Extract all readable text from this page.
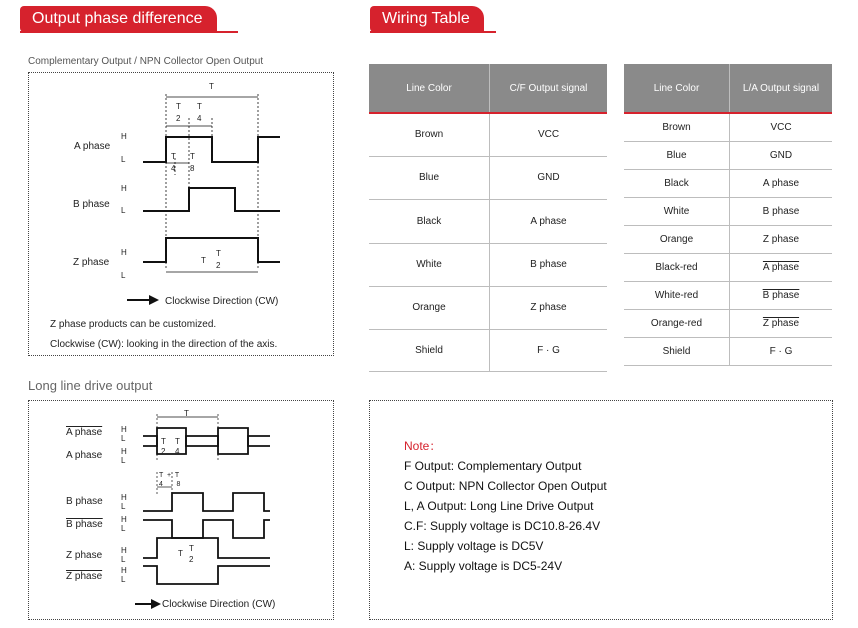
Output phase difference	Wiring Table
Complementary Output / NPN Collector Open Output
A phase
B phase
Z phase
H
L
H
L
H
L
T
T
2
T
4
T
4
T
8
T
T
2
Clockwise Direction (CW)
Z phase products can be customized.
Clockwise (CW): looking in the direction of the axis.
Long line drive output
A phase
A phase
B phase
B phase
Z phase
Z phase
T
T
2
T
4
T  +  T
4       8
T
T
2
H
L
H
L
H
L
H
L
H
L
H
L
Clockwise Direction (CW)
Line Color	C/F Output signal
Brown	VCC
Blue	GND
Black	A phase
White	B phase
Orange	Z phase
Shield	F · G
Line Color	L/A Output signal
Brown	VCC
Blue	GND
Black	A phase
White	B phase
Orange	Z phase
Black-red	A phase
White-red	B phase
Orange-red	Z phase
Shield	F · G
Note：
F Output: Complementary Output
C Output: NPN Collector Open Output
L, A Output: Long Line Drive Output
C.F: Supply voltage is DC10.8-26.4V
L: Supply voltage is DC5V
A: Supply voltage is DC5-24V
